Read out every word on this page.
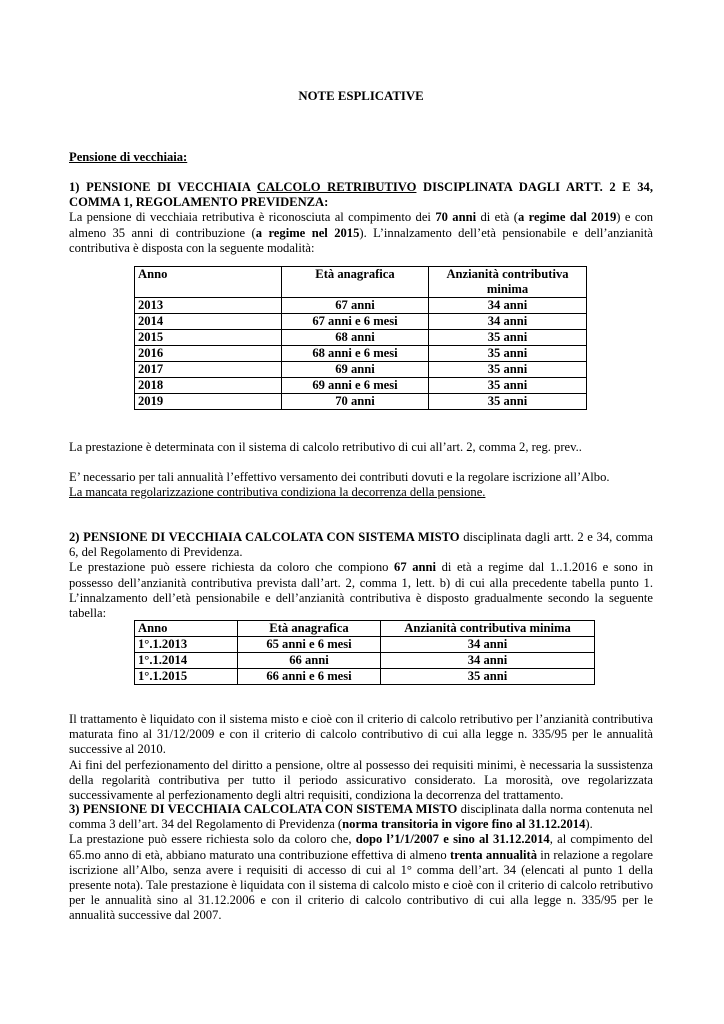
NOTE ESPLICATIVE
Pensione di vecchiaia:

1) PENSIONE DI VECCHIAIA CALCOLO RETRIBUTIVO DISCIPLINATA DAGLI ARTT. 2 E 34, COMMA 1, REGOLAMENTO PREVIDENZA:

La pensione di vecchiaia retributiva è riconosciuta al compimento dei 70 anni di età (a regime dal 2019) e con almeno 35 anni di contribuzione (a regime nel 2015). L’innalzamento dell’età pensionabile e dell’anzianità contributiva è disposta con la seguente modalità:

Anno	Età anagrafica	Anzianità contributiva minima
2013	67 anni	34 anni
2014	67 anni e 6 mesi	34 anni
2015	68 anni	35 anni
2016	68 anni e 6 mesi	35 anni
2017	69 anni	35 anni
2018	69 anni e 6 mesi	35 anni
2019	70 anni	35 anni
La prestazione è determinata con il sistema di calcolo retributivo di cui all’art. 2, comma 2, reg. prev..
E’ necessario per tali annualità l’effettivo versamento dei contributi dovuti e la regolare iscrizione all’Albo.
La mancata regolarizzazione contributiva condiziona la decorrenza della pensione.

2) PENSIONE DI VECCHIAIA CALCOLATA CON SISTEMA MISTO disciplinata dagli artt. 2 e 34, comma 6, del Regolamento di Previdenza.

Le prestazione può essere richiesta da coloro che compiono 67 anni di età a regime dal 1..1.2016 e sono in possesso dell’anzianità contributiva prevista dall’art. 2, comma 1, lett. b) di cui alla precedente tabella punto 1. L’innalzamento dell’età pensionabile e dell’anzianità contributiva è disposto gradualmente secondo la seguente tabella:

Anno	Età anagrafica	Anzianità contributiva minima
1°.1.2013	65 anni e 6 mesi	34 anni
1°.1.2014	66 anni	34 anni
1°.1.2015	66 anni e 6 mesi	35 anni

Il trattamento è liquidato con il sistema misto e cioè con il criterio di calcolo retributivo per l’anzianità contributiva maturata fino al 31/12/2009 e con il criterio di calcolo contributivo di cui alla legge n. 335/95 per le annualità successive al 2010.

Ai fini del perfezionamento del diritto a pensione, oltre al possesso dei requisiti minimi, è necessaria la sussistenza della regolarità contributiva per tutto il periodo assicurativo considerato. La morosità, ove regolarizzata successivamente al perfezionamento degli altri requisiti, condiziona la decorrenza del trattamento.

3) PENSIONE DI VECCHIAIA CALCOLATA CON SISTEMA MISTO disciplinata dalla norma contenuta nel comma 3 dell’art. 34 del Regolamento di Previdenza (norma transitoria in vigore fino al 31.12.2014).

La prestazione può essere richiesta solo da coloro che, dopo l’1/1/2007 e sino al 31.12.2014, al compimento del 65.mo anno di età, abbiano maturato una contribuzione effettiva di almeno trenta annualità in relazione a regolare iscrizione all’Albo, senza avere i requisiti di accesso di cui al 1° comma dell’art. 34 (elencati al punto 1 della presente nota). Tale prestazione è liquidata con il sistema di calcolo misto e cioè con il criterio di calcolo retributivo per le annualità sino al 31.12.2006 e con il criterio di calcolo contributivo di cui alla legge n. 335/95 per le annualità successive dal 2007.
